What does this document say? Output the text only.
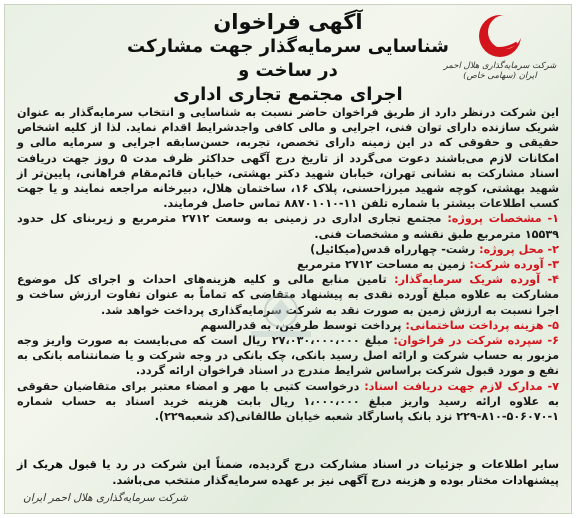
شرکت سرمایه‌گذاری هلال احمر ایران (سهامی خاص)
آگهی فراخوان
شناسایی سرمایه‌گذار جهت مشارکت در ساخت و
اجرای مجتمع تجاری اداری

این شرکت درنظر دارد از طریق فراخوان حاضر نسبت به شناسایی و انتخاب سرمایه‌گذار به عنوان شریک سازنده دارای توان فنی، اجرایی و مالی کافی واجدشرایط اقدام نماید. لذا از کلیه اشخاص حقیقی و حقوقی که در این زمینه دارای تخصص، تجربه، حسن‌سابقه اجرایی و سرمایه مالی و امکانات لازم می‌باشند دعوت می‌گردد از تاریخ درج آگهی حداکثر ظرف مدت ۵ روز جهت دریافت اسناد مشارکت به نشانی تهران، خیابان شهید دکتر بهشتی، خیابان قائم‌مقام فراهانی، پایین‌تر از شهید بهشتی، کوچه شهید میرزاحسنی، پلاک ۱۶، ساختمان هلال، دبیرخانه مراجعه نمایند و یا جهت کسب اطلاعات بیشتر با شماره تلفن ۱۱-۸۸۷۰۱۰۱۰ تماس حاصل فرمایند.

۱- مشخصات پروژه: مجتمع تجاری اداری در زمینی به وسعت ۲۷۱۲ مترمربع و زیربنای کل حدود ۱۵۵۳۹ مترمربع طبق نقشه و مشخصات فنی.

۲- محل پروژه: رشت- چهارراه قدس(میکائیل)

۳- آورده شرکت: زمین به مساحت ۲۷۱۲ مترمربع

۴- آورده شریک سرمایه‌گذار: تامین منابع مالی و کلیه هزینه‌های احداث و اجرای کل موضوع مشارکت به علاوه مبلغ آورده نقدی به پیشنهاد متقاضی که تماماً به عنوان تفاوت ارزش ساخت و اجرا نسبت به ارزش زمین به صورت نقد به شرکت سرمایه‌گذاری پرداخت خواهد شد.

۵- هزینه پرداخت ساختمانی: پرداخت توسط طرفین، به قدرالسهم

۶- سپرده شرکت در فراخوان: مبلغ ۲۷،۰۳۰،۰۰۰،۰۰۰ ریال است که می‌بایست به صورت واریز وجه مزبور به حساب شرکت و ارائه اصل رسید بانکی، چک بانکی در وجه شرکت و یا ضمانتنامه بانکی به نفع و مورد قبول شرکت براساس شرایط مندرج در اسناد فراخوان ارائه گردد.

۷- مدارک لازم جهت دریافت اسناد: درخواست کتبی با مهر و امضاء معتبر برای متقاضیان حقوقی به علاوه ارائه رسید واریز مبلغ ۱،۰۰۰،۰۰۰ ریال بابت هزینه خرید اسناد به حساب شماره ۱-۵۰۶۰۷۰-۸۱۰-۲۲۹ نزد بانک پاسارگاد شعبه خیابان طالقانی(کد شعبه۲۲۹).

سایر اطلاعات و جزئیات در اسناد مشارکت درج گردیده، ضمناً این شرکت در رد یا قبول هریک از پیشنهادات مختار بوده و هزینه درج آگهی نیز بر عهده سرمایه‌گذار منتخب می‌باشد.

شرکت سرمایه‌گذاری هلال احمر ایران
